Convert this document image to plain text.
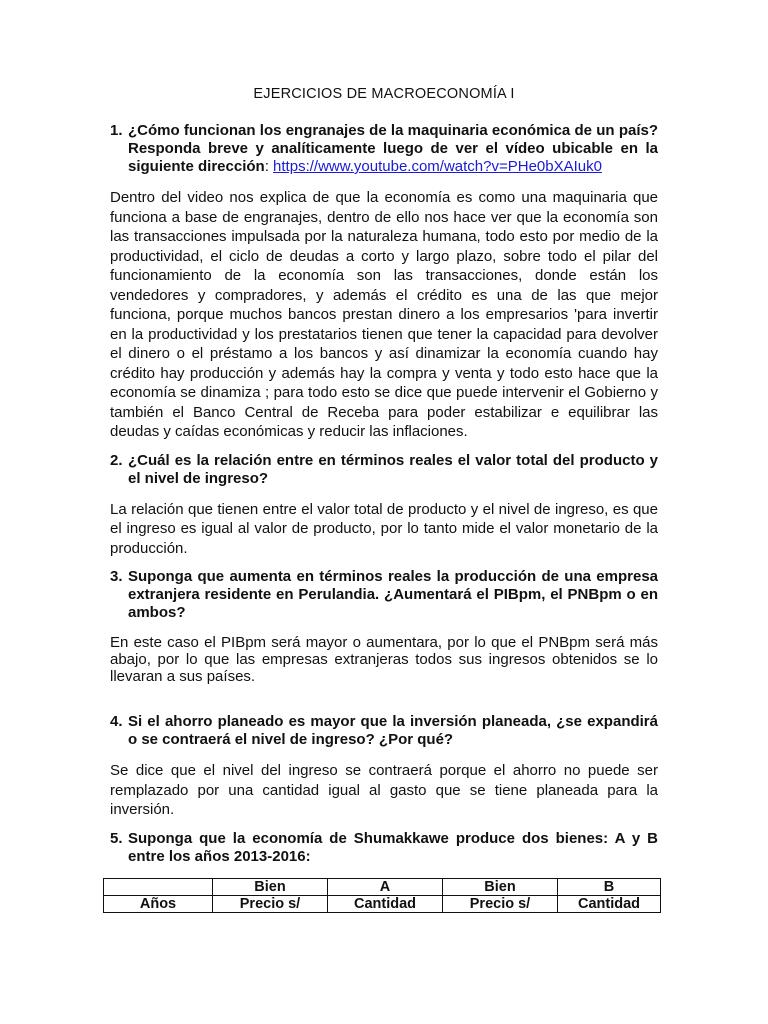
EJERCICIOS DE MACROECONOMÍA I
1. ¿Cómo funcionan los engranajes de la maquinaria económica de un país? Responda breve y analíticamente luego de ver el vídeo ubicable en la siguiente dirección: https://www.youtube.com/watch?v=PHe0bXAIuk0
Dentro del video nos explica de que la economía es como una maquinaria que funciona a base de engranajes, dentro de ello nos hace ver que la economía son las transacciones impulsada por la naturaleza humana, todo esto por medio de la productividad, el ciclo de deudas a corto y largo plazo, sobre todo el pilar del funcionamiento de la economía son las transacciones, donde están los vendedores y compradores, y además el crédito es una de las que mejor funciona, porque muchos bancos prestan dinero a los empresarios 'para invertir en la productividad y los prestatarios tienen que tener la capacidad para devolver el dinero o el préstamo a los bancos y así dinamizar la economía cuando hay crédito hay producción y además hay la compra y venta y todo esto hace que la economía se dinamiza ; para todo esto se dice que puede intervenir el Gobierno y también el Banco Central de Receba para poder estabilizar e equilibrar las deudas y caídas económicas y reducir las inflaciones.
2. ¿Cuál es la relación entre en términos reales el valor total del producto y el nivel de ingreso?
La relación que tienen entre el valor total de producto y el nivel de ingreso, es que el ingreso es igual al valor de producto, por lo tanto mide el valor monetario de la producción.
3. Suponga que aumenta en términos reales la producción de una empresa extranjera residente en Perulandia. ¿Aumentará el PIBpm, el PNBpm o en ambos?
En este caso el PIBpm será mayor o aumentara, por lo que el PNBpm será más abajo, por lo que las empresas extranjeras todos sus ingresos obtenidos se lo llevaran a sus países.
4. Si el ahorro planeado es mayor que la inversión planeada, ¿se expandirá o se contraerá el nivel de ingreso? ¿Por qué?
Se dice que el nivel del ingreso se contraerá porque el ahorro no puede ser remplazado por una cantidad igual al gasto que se tiene planeada para la inversión.
5. Suponga que la economía de Shumakkawe produce dos bienes: A y B entre los años 2013-2016:
	Bien	A	Bien	B
Años	Precio s/	Cantidad	Precio s/	Cantidad
